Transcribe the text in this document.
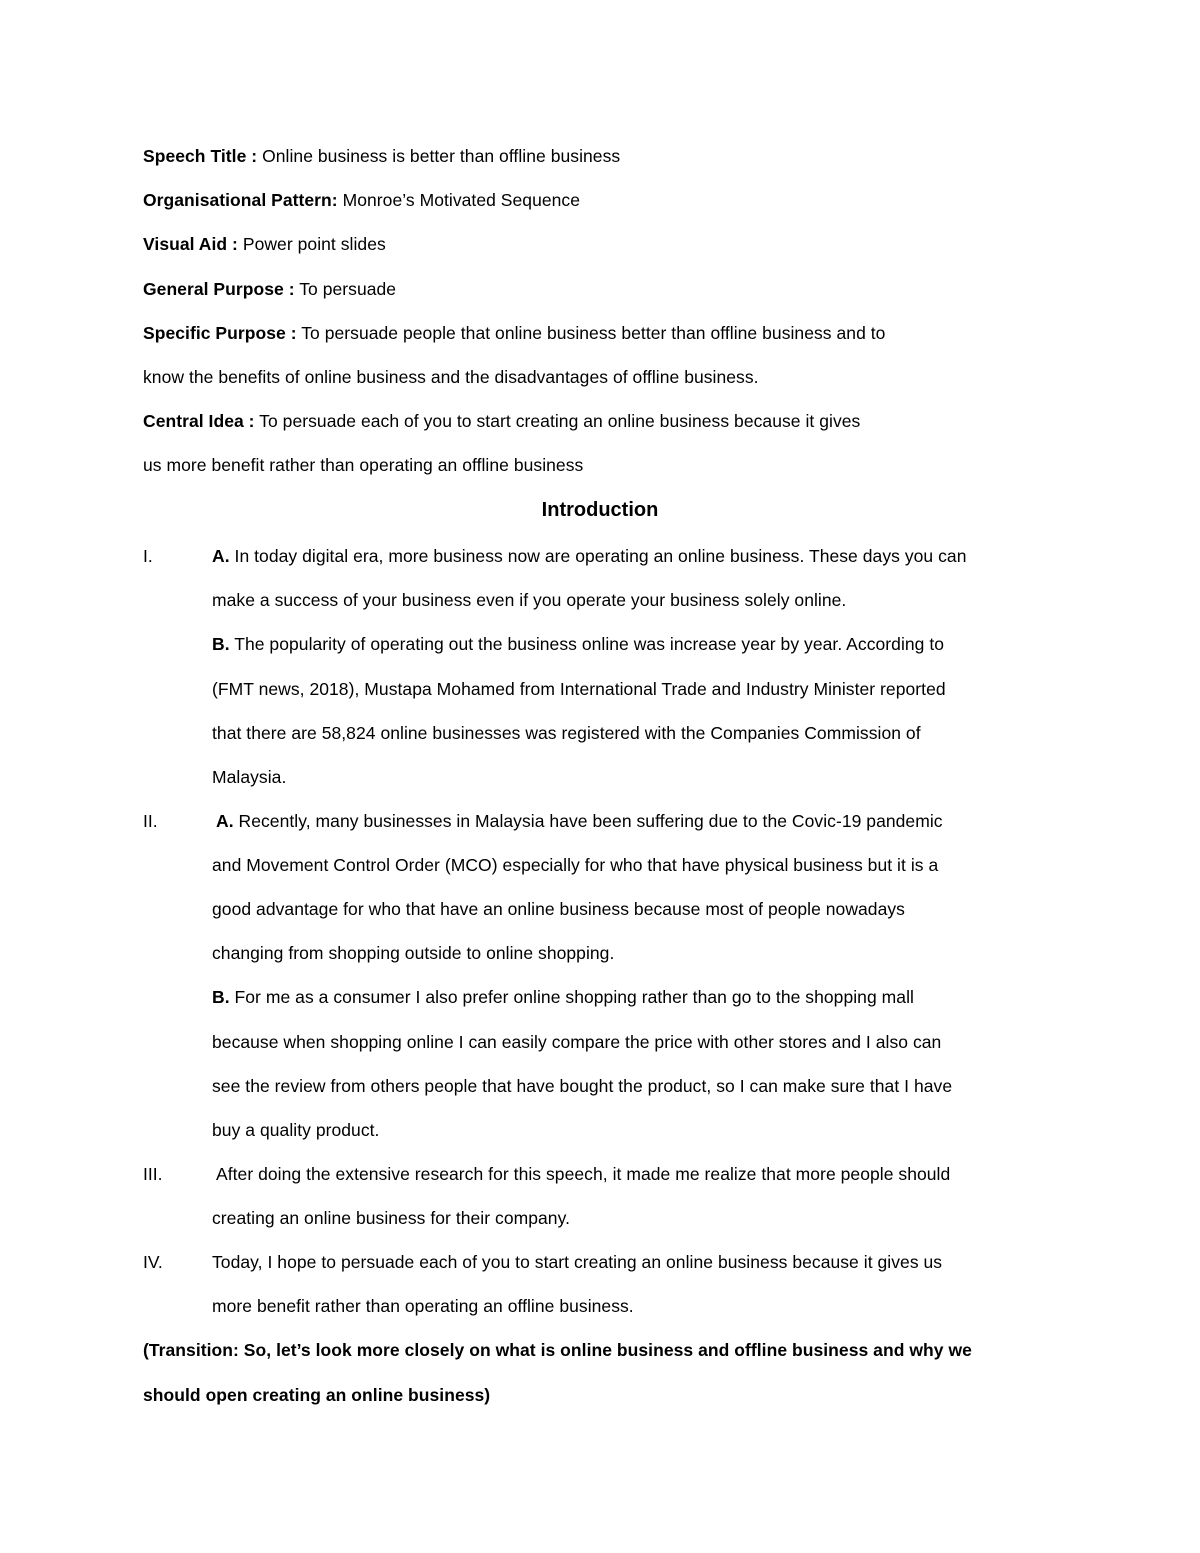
Speech Title : Online business is better than offline business
Organisational Pattern: Monroe’s Motivated Sequence
Visual Aid : Power point slides
General Purpose : To persuade
Specific Purpose : To persuade people that online business better than offline business and to
know the benefits of online business and the disadvantages of offline business.
Central Idea : To persuade each of you to start creating an online business because it gives
us more benefit rather than operating an offline business
Introduction
I.	A. In today digital era, more business now are operating an online business. These days you can
make a success of your business even if you operate your business solely online.
B. The popularity of operating out the business online was increase year by year. According to
(FMT news, 2018), Mustapa Mohamed from International Trade and Industry Minister reported
that there are 58,824 online businesses was registered with the Companies Commission of
Malaysia.
II.	A. Recently, many businesses in Malaysia have been suffering due to the Covic-19 pandemic
and Movement Control Order (MCO) especially for who that have physical business but it is a
good advantage for who that have an online business because most of people nowadays
changing from shopping outside to online shopping.
B. For me as a consumer I also prefer online shopping rather than go to the shopping mall
because when shopping online I can easily compare the price with other stores and I also can
see the review from others people that have bought the product, so I can make sure that I have
buy a quality product.
III.	After doing the extensive research for this speech, it made me realize that more people should
creating an online business for their company.
IV.	Today, I hope to persuade each of you to start creating an online business because it gives us
more benefit rather than operating an offline business.
(Transition: So, let’s look more closely on what is online business and offline business and why we
should open creating an online business)
